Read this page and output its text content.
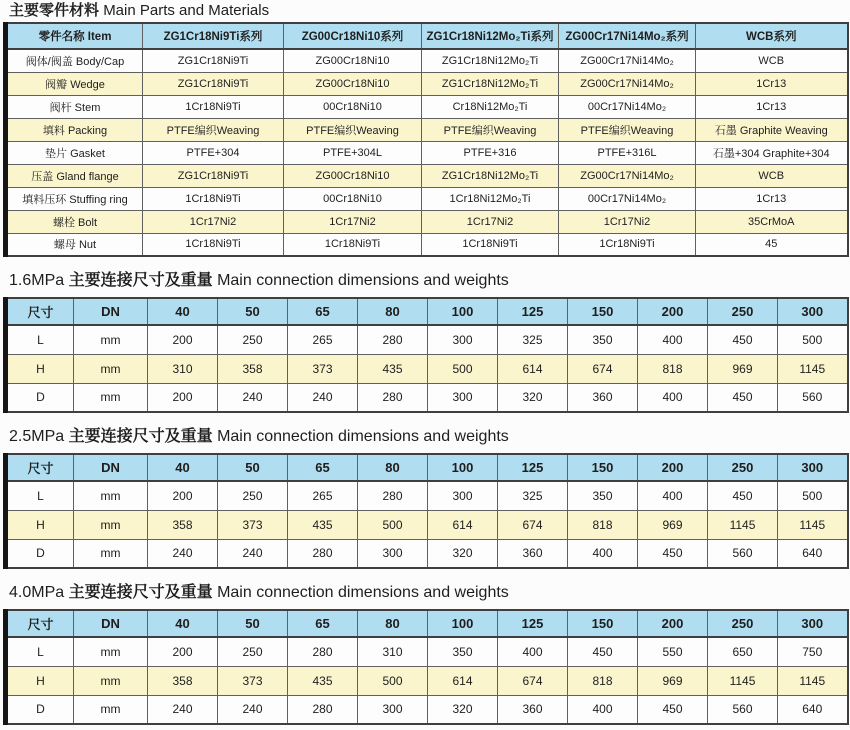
主要零件材料 Main Parts and Materials
零件名称 Item	ZG1Cr18Ni9Ti系列	ZG00Cr18Ni10系列	ZG1Cr18Ni12Mo₂Ti系列	ZG00Cr17Ni14Mo₂系列	WCB系列
阀体/阀盖 Body/Cap	ZG1Cr18Ni9Ti	ZG00Cr18Ni10	ZG1Cr18Ni12Mo₂Ti	ZG00Cr17Ni14Mo₂	WCB
阀瓣 Wedge	ZG1Cr18Ni9Ti	ZG00Cr18Ni10	ZG1Cr18Ni12Mo₂Ti	ZG00Cr17Ni14Mo₂	1Cr13
阀杆 Stem	1Cr18Ni9Ti	00Cr18Ni10	Cr18Ni12Mo₂Ti	00Cr17Ni14Mo₂	1Cr13
填料 Packing	PTFE编织Weaving	PTFE编织Weaving	PTFE编织Weaving	PTFE编织Weaving	石墨 Graphite Weaving
垫片 Gasket	PTFE+304	PTFE+304L	PTFE+316	PTFE+316L	石墨+304 Graphite+304
压盖 Gland flange	ZG1Cr18Ni9Ti	ZG00Cr18Ni10	ZG1Cr18Ni12Mo₂Ti	ZG00Cr17Ni14Mo₂	WCB
填料压环 Stuffing ring	1Cr18Ni9Ti	00Cr18Ni10	1Cr18Ni12Mo₂Ti	00Cr17Ni14Mo₂	1Cr13
螺栓 Bolt	1Cr17Ni2	1Cr17Ni2	1Cr17Ni2	1Cr17Ni2	35CrMoA
螺母 Nut	1Cr18Ni9Ti	1Cr18Ni9Ti	1Cr18Ni9Ti	1Cr18Ni9Ti	45
1.6MPa 主要连接尺寸及重量 Main connection dimensions and weights
尺寸	DN	40	50	65	80	100	125	150	200	250	300
L	mm	200	250	265	280	300	325	350	400	450	500
H	mm	310	358	373	435	500	614	674	818	969	1145
D	mm	200	240	240	280	300	320	360	400	450	560
2.5MPa 主要连接尺寸及重量 Main connection dimensions and weights
尺寸	DN	40	50	65	80	100	125	150	200	250	300
L	mm	200	250	265	280	300	325	350	400	450	500
H	mm	358	373	435	500	614	674	818	969	1145	1145
D	mm	240	240	280	300	320	360	400	450	560	640
4.0MPa 主要连接尺寸及重量 Main connection dimensions and weights
尺寸	DN	40	50	65	80	100	125	150	200	250	300
L	mm	200	250	280	310	350	400	450	550	650	750
H	mm	358	373	435	500	614	674	818	969	1145	1145
D	mm	240	240	280	300	320	360	400	450	560	640
